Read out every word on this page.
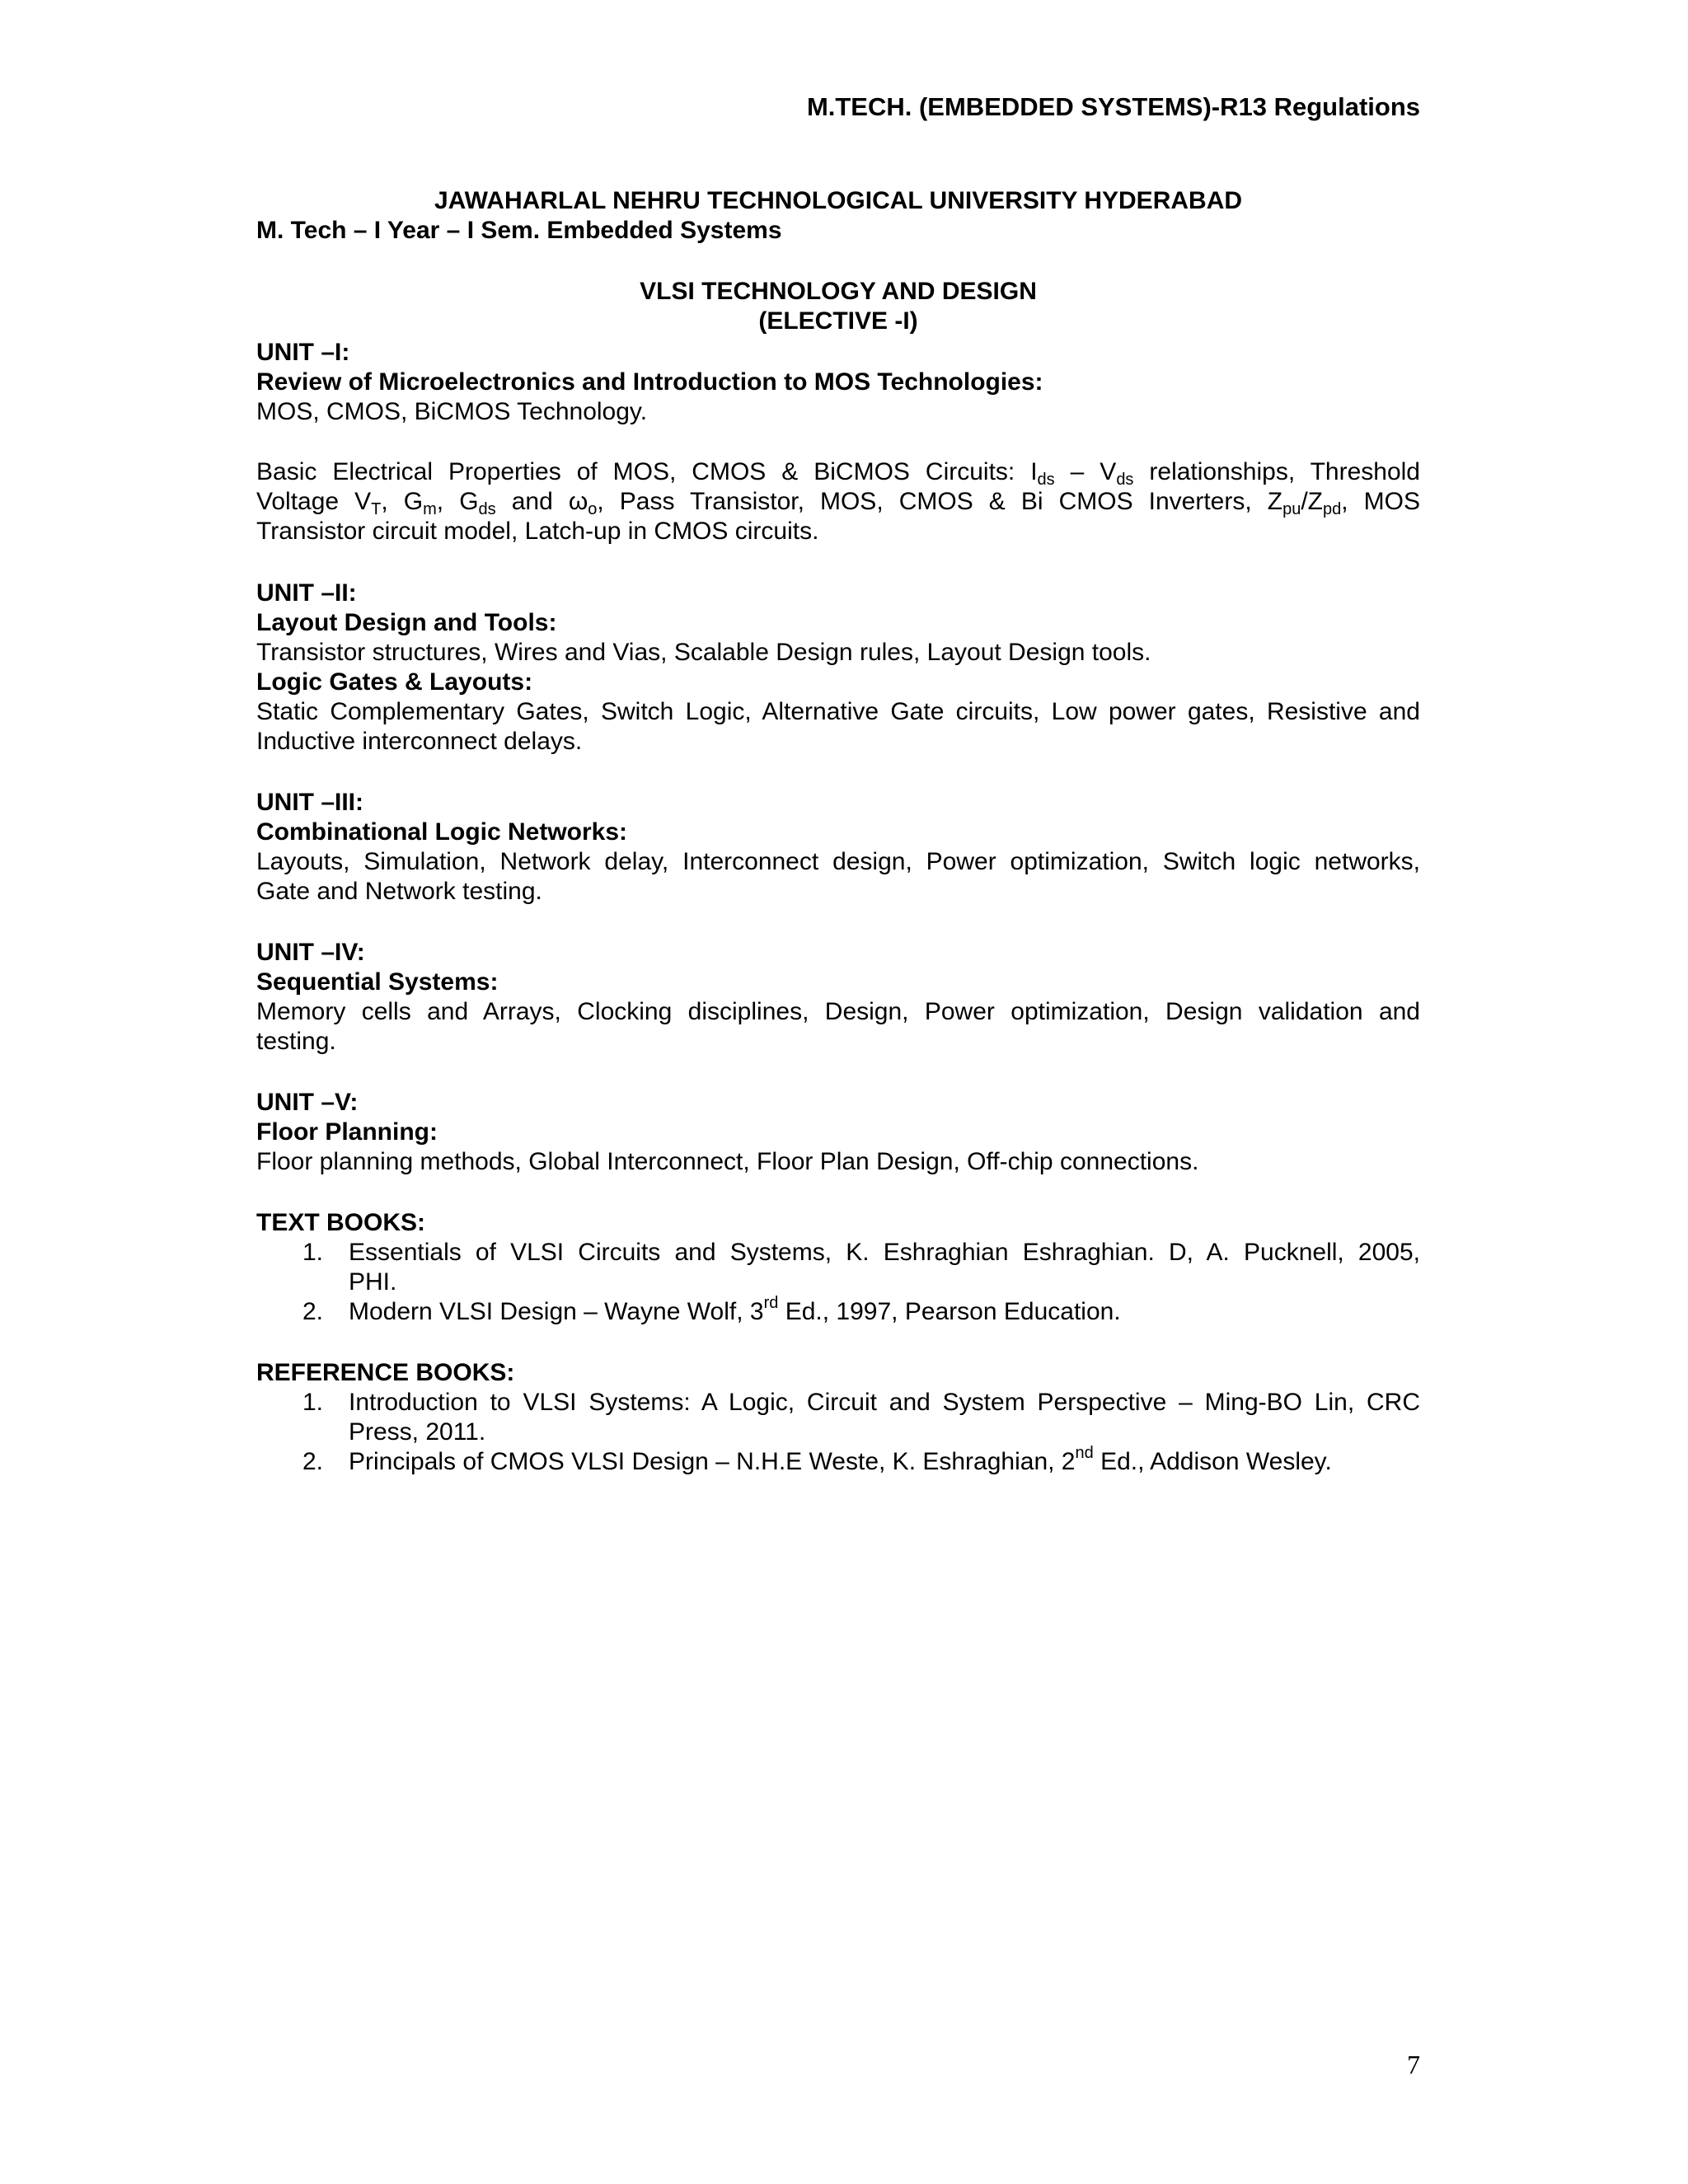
M.TECH. (EMBEDDED SYSTEMS)-R13 Regulations
JAWAHARLAL NEHRU TECHNOLOGICAL UNIVERSITY HYDERABAD
M. Tech – I Year – I Sem. Embedded Systems
VLSI TECHNOLOGY AND DESIGN
(ELECTIVE -I)
UNIT –I:
Review of Microelectronics and Introduction to MOS Technologies:
MOS, CMOS, BiCMOS Technology.
Basic Electrical Properties of MOS, CMOS & BiCMOS Circuits: $I_{ds} - V_{ds}$ relationships, Threshold
Voltage $V_T$, $G_m$, $G_{ds}$ and $\omega_o$, Pass Transistor, MOS, CMOS & Bi CMOS Inverters, $Z_{pu}/Z_{pd}$, MOS
Transistor circuit model, Latch-up in CMOS circuits.
UNIT –II:
Layout Design and Tools:
Transistor structures, Wires and Vias, Scalable Design rules, Layout Design tools.
Logic Gates & Layouts:
Static Complementary Gates, Switch Logic, Alternative Gate circuits, Low power gates, Resistive and
Inductive interconnect delays.
UNIT –III:
Combinational Logic Networks:
Layouts, Simulation, Network delay, Interconnect design, Power optimization, Switch logic networks,
Gate and Network testing.
UNIT –IV:
Sequential Systems:
Memory cells and Arrays, Clocking disciplines, Design, Power optimization, Design validation and
testing.
UNIT –V:
Floor Planning:
Floor planning methods, Global Interconnect, Floor Plan Design, Off-chip connections.
TEXT BOOKS:
1. Essentials of VLSI Circuits and Systems, K. Eshraghian Eshraghian. D, A. Pucknell, 2005,
PHI.
2. Modern VLSI Design – Wayne Wolf, 3rd Ed., 1997, Pearson Education.
REFERENCE BOOKS:
1. Introduction to VLSI Systems: A Logic, Circuit and System Perspective – Ming-BO Lin, CRC
Press, 2011.
2. Principals of CMOS VLSI Design – N.H.E Weste, K. Eshraghian, 2nd Ed., Addison Wesley.
7
